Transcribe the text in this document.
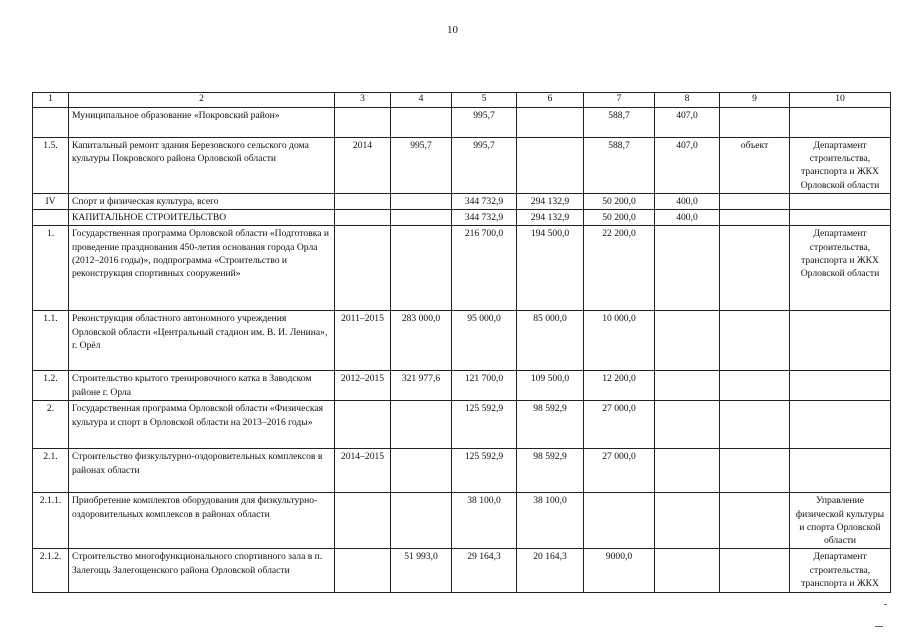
10
1	2	3	4	5	6	7	8	9	10
	Муниципальное образование «Покровский район»			995,7		588,7	407,0		
1.5.	Капитальный ремонт здания Березовского сельского дома культуры Покровского района Орловской области	2014	995,7	995,7		588,7	407,0	объект	Департамент строительства, транспорта и ЖКХ Орловской области
IV	Спорт и физическая культура, всего			344 732,9	294 132,9	50 200,0	400,0		
	КАПИТАЛЬНОЕ СТРОИТЕЛЬСТВО			344 732,9	294 132,9	50 200,0	400,0		
1.	Государственная программа Орловской области «Подготовка и проведение празднования 450-летия основания города Орла (2012–2016 годы)», подпрограмма «Строительство и реконструкция спортивных сооружений»			216 700,0	194 500,0	22 200,0			Департамент строительства, транспорта и ЖКХ Орловской области
1.1.	Реконструкция областного автономного учреждения Орловской области «Центральный стадион им. В. И. Ленина», г. Орёл	2011–2015	283 000,0	95 000,0	85 000,0	10 000,0			
1.2.	Строительство крытого тренировочного катка в Заводском районе г. Орла	2012–2015	321 977,6	121 700,0	109 500,0	12 200,0			
2.	Государственная программа Орловской области «Физическая культура и спорт в Орловской области на 2013–2016 годы»			125 592,9	98 592,9	27 000,0			
2.1.	Строительство физкультурно-оздоровительных комплексов в районах области	2014–2015		125 592,9	98 592,9	27 000,0			
2.1.1.	Приобретение комплектов оборудования для физкультурно-оздоровительных комплексов в районах области			38 100,0	38 100,0				Управление физической культуры и спорта Орловской области
2.1.2.	Строительство многофункционального спортивного зала в п. Залегощь Залегощенского района Орловской области		51 993,0	29 164,3	20 164,3	9000,0			Департамент строительства, транспорта и ЖКХ
